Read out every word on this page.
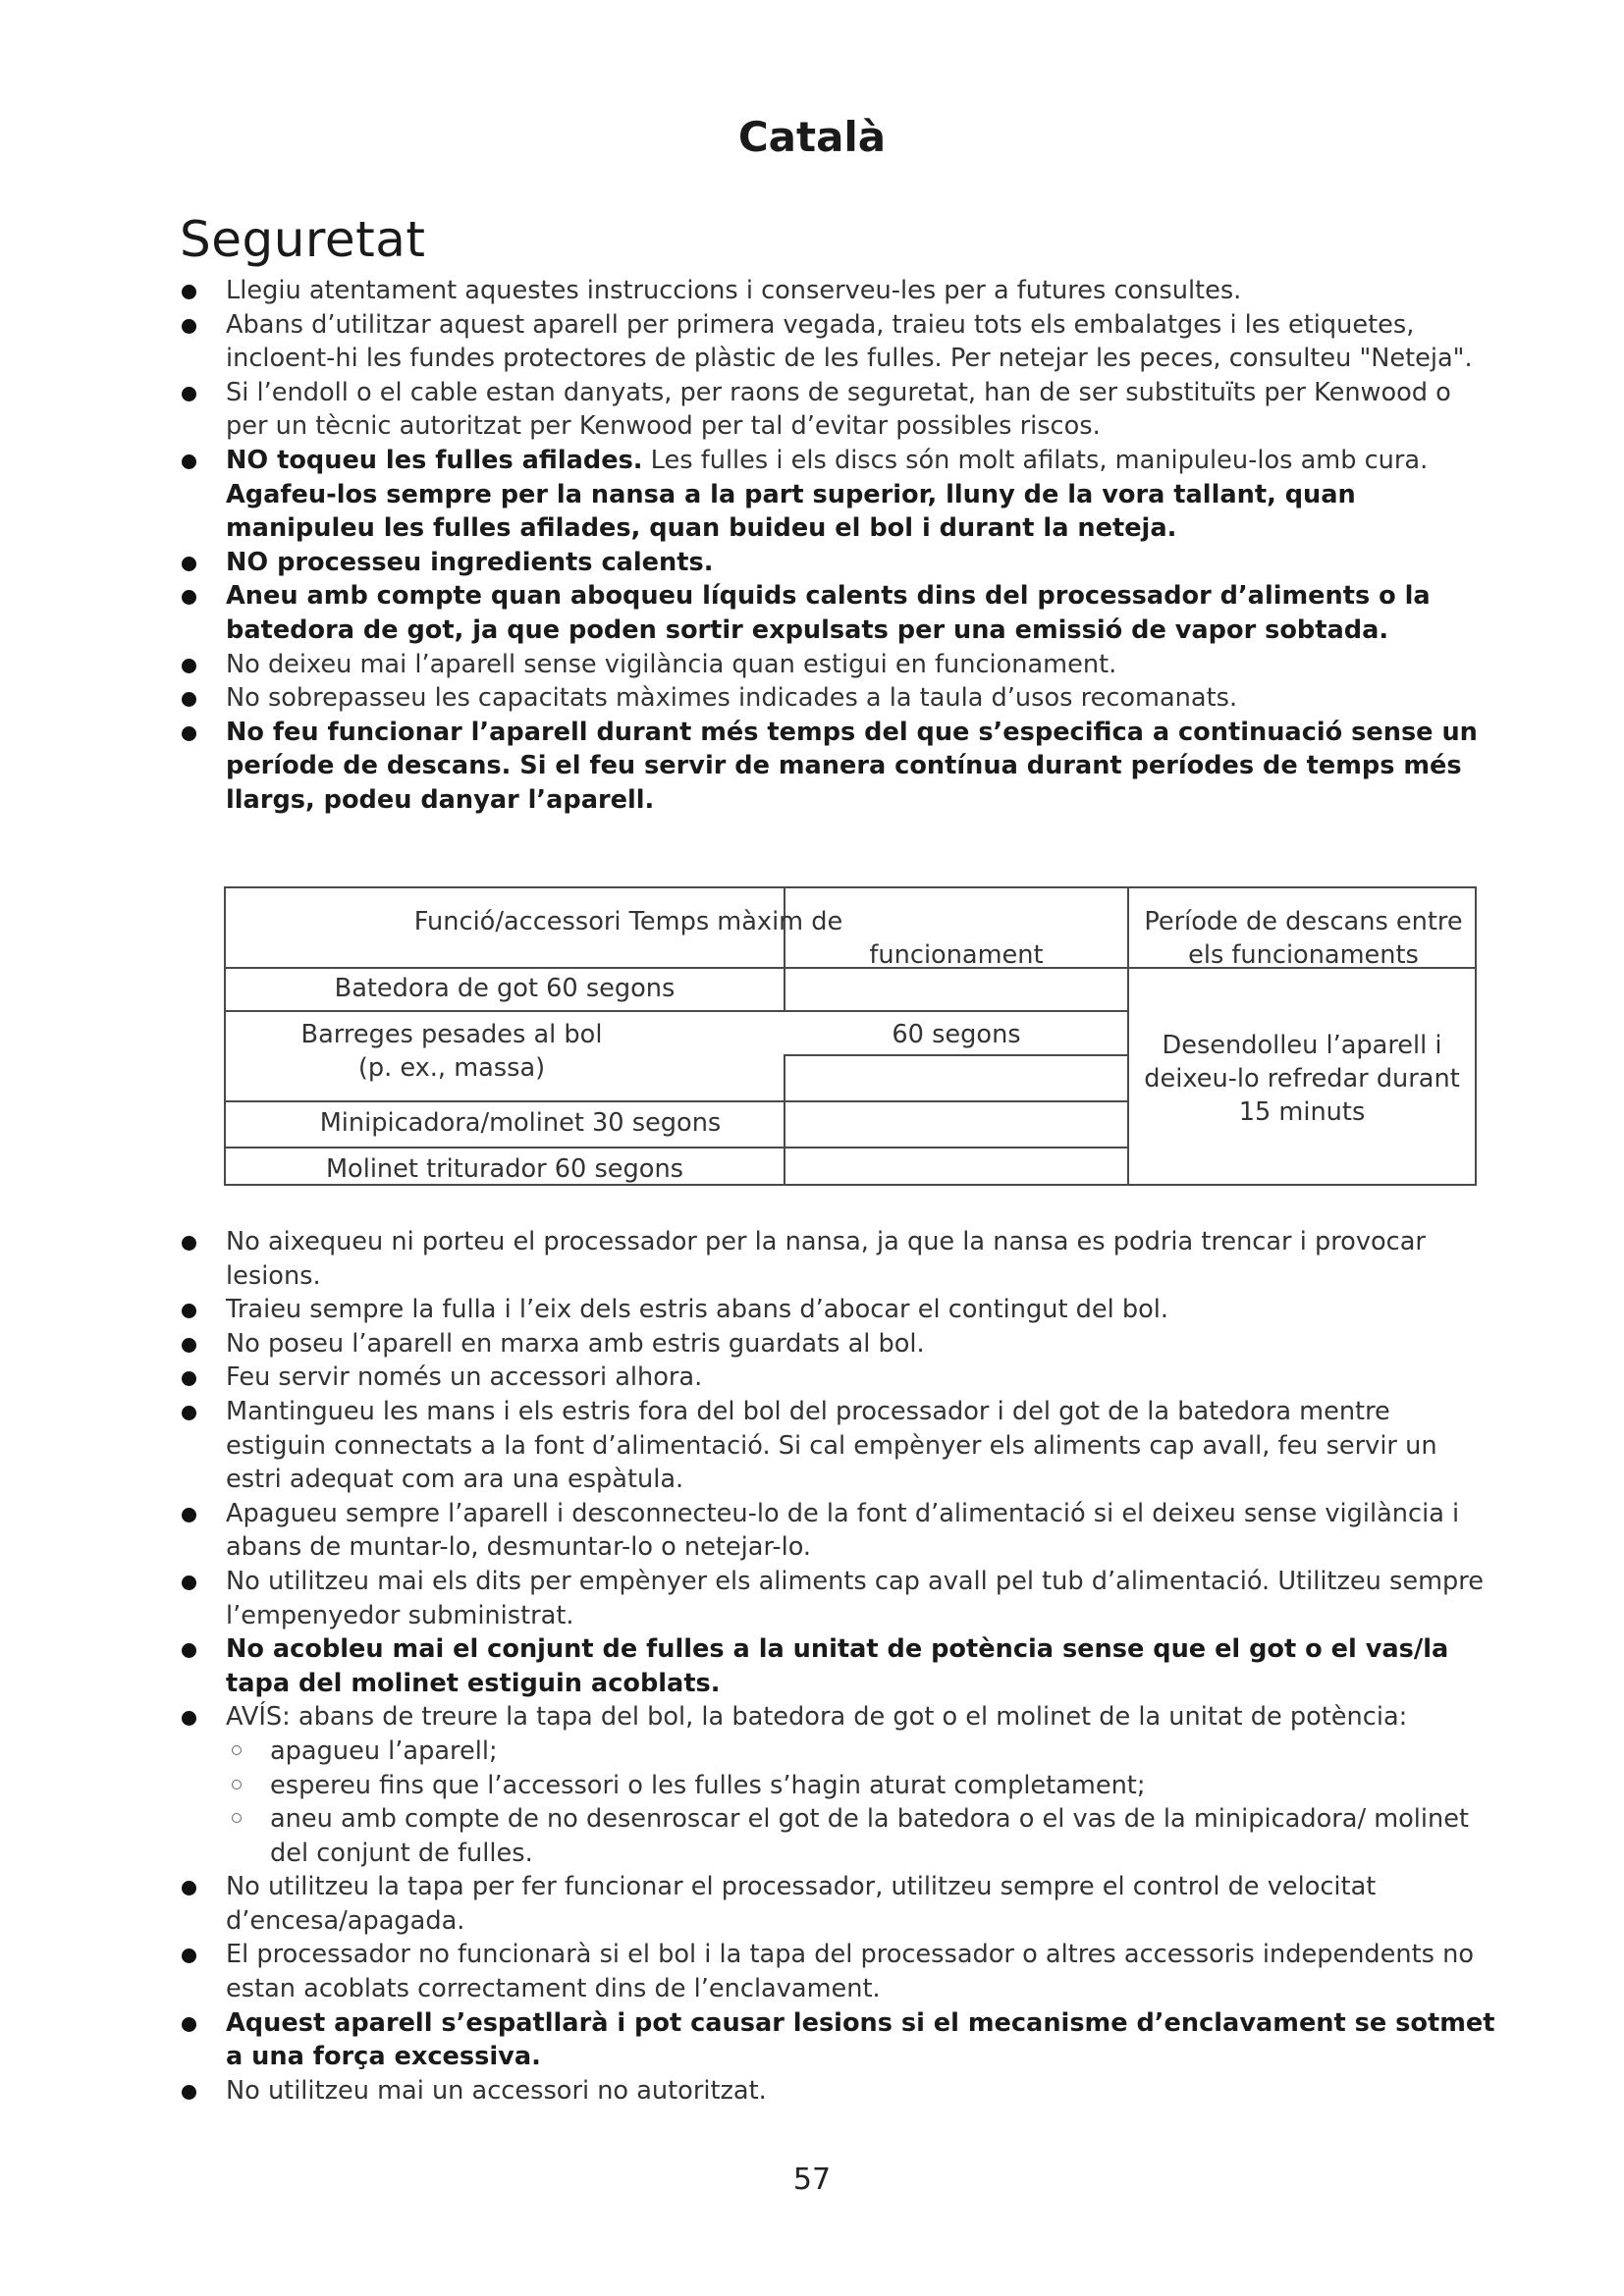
Català
Seguretat
Llegiu atentament aquestes instruccions i conserveu-les per a futures consultes.
Abans d’utilitzar aquest aparell per primera vegada, traieu tots els embalatges i les etiquetes, incloent-hi les fundes protectores de plàstic de les fulles. Per netejar les peces, consulteu "Neteja".
Si l’endoll o el cable estan danyats, per raons de seguretat, han de ser substituïts per Kenwood o per un tècnic autoritzat per Kenwood per tal d’evitar possibles riscos.
NO toqueu les fulles afilades. Les fulles i els discs són molt afilats, manipuleu-los amb cura. Agafeu-los sempre per la nansa a la part superior, lluny de la vora tallant, quan manipuleu les fulles afilades, quan buideu el bol i durant la neteja.
NO processeu ingredients calents.
Aneu amb compte quan aboqueu líquids calents dins del processador d’aliments o la batedora de got, ja que poden sortir expulsats per una emissió de vapor sobtada.
No deixeu mai l’aparell sense vigilància quan estigui en funcionament.
No sobrepasseu les capacitats màximes indicades a la taula d’usos recomanats.
No feu funcionar l’aparell durant més temps del que s’especifica a continuació sense un període de descans. Si el feu servir de manera contínua durant períodes de temps més llargs, podeu danyar l’aparell.
Funció/accessori Temps màxim de
funcionament
Període de descans entre els funcionaments
Batedora de got 60 segons
Barreges pesades al bol (p. ex., massa)
60 segons
Minipicadora/molinet 30 segons
Molinet triturador 60 segons
Desendolleu l’aparell i deixeu-lo refredar durant 15 minuts
No aixequeu ni porteu el processador per la nansa, ja que la nansa es podria trencar i provocar lesions.
Traieu sempre la fulla i l’eix dels estris abans d’abocar el contingut del bol.
No poseu l’aparell en marxa amb estris guardats al bol.
Feu servir només un accessori alhora.
Mantingueu les mans i els estris fora del bol del processador i del got de la batedora mentre estiguin connectats a la font d’alimentació. Si cal empènyer els aliments cap avall, feu servir un estri adequat com ara una espàtula.
Apagueu sempre l’aparell i desconnecteu-lo de la font d’alimentació si el deixeu sense vigilància i abans de muntar-lo, desmuntar-lo o netejar-lo.
No utilitzeu mai els dits per empènyer els aliments cap avall pel tub d’alimentació. Utilitzeu sempre l’empenyedor subministrat.
No acobleu mai el conjunt de fulles a la unitat de potència sense que el got o el vas/la tapa del molinet estiguin acoblats.
AVÍS: abans de treure la tapa del bol, la batedora de got o el molinet de la unitat de potència:
apagueu l’aparell;
espereu fins que l’accessori o les fulles s’hagin aturat completament;
aneu amb compte de no desenroscar el got de la batedora o el vas de la minipicadora/ molinet del conjunt de fulles.
No utilitzeu la tapa per fer funcionar el processador, utilitzeu sempre el control de velocitat d’encesa/apagada.
El processador no funcionarà si el bol i la tapa del processador o altres accessoris independents no estan acoblats correctament dins de l’enclavament.
Aquest aparell s’espatllarà i pot causar lesions si el mecanisme d’enclavament se sotmet a una força excessiva.
No utilitzeu mai un accessori no autoritzat.
57
